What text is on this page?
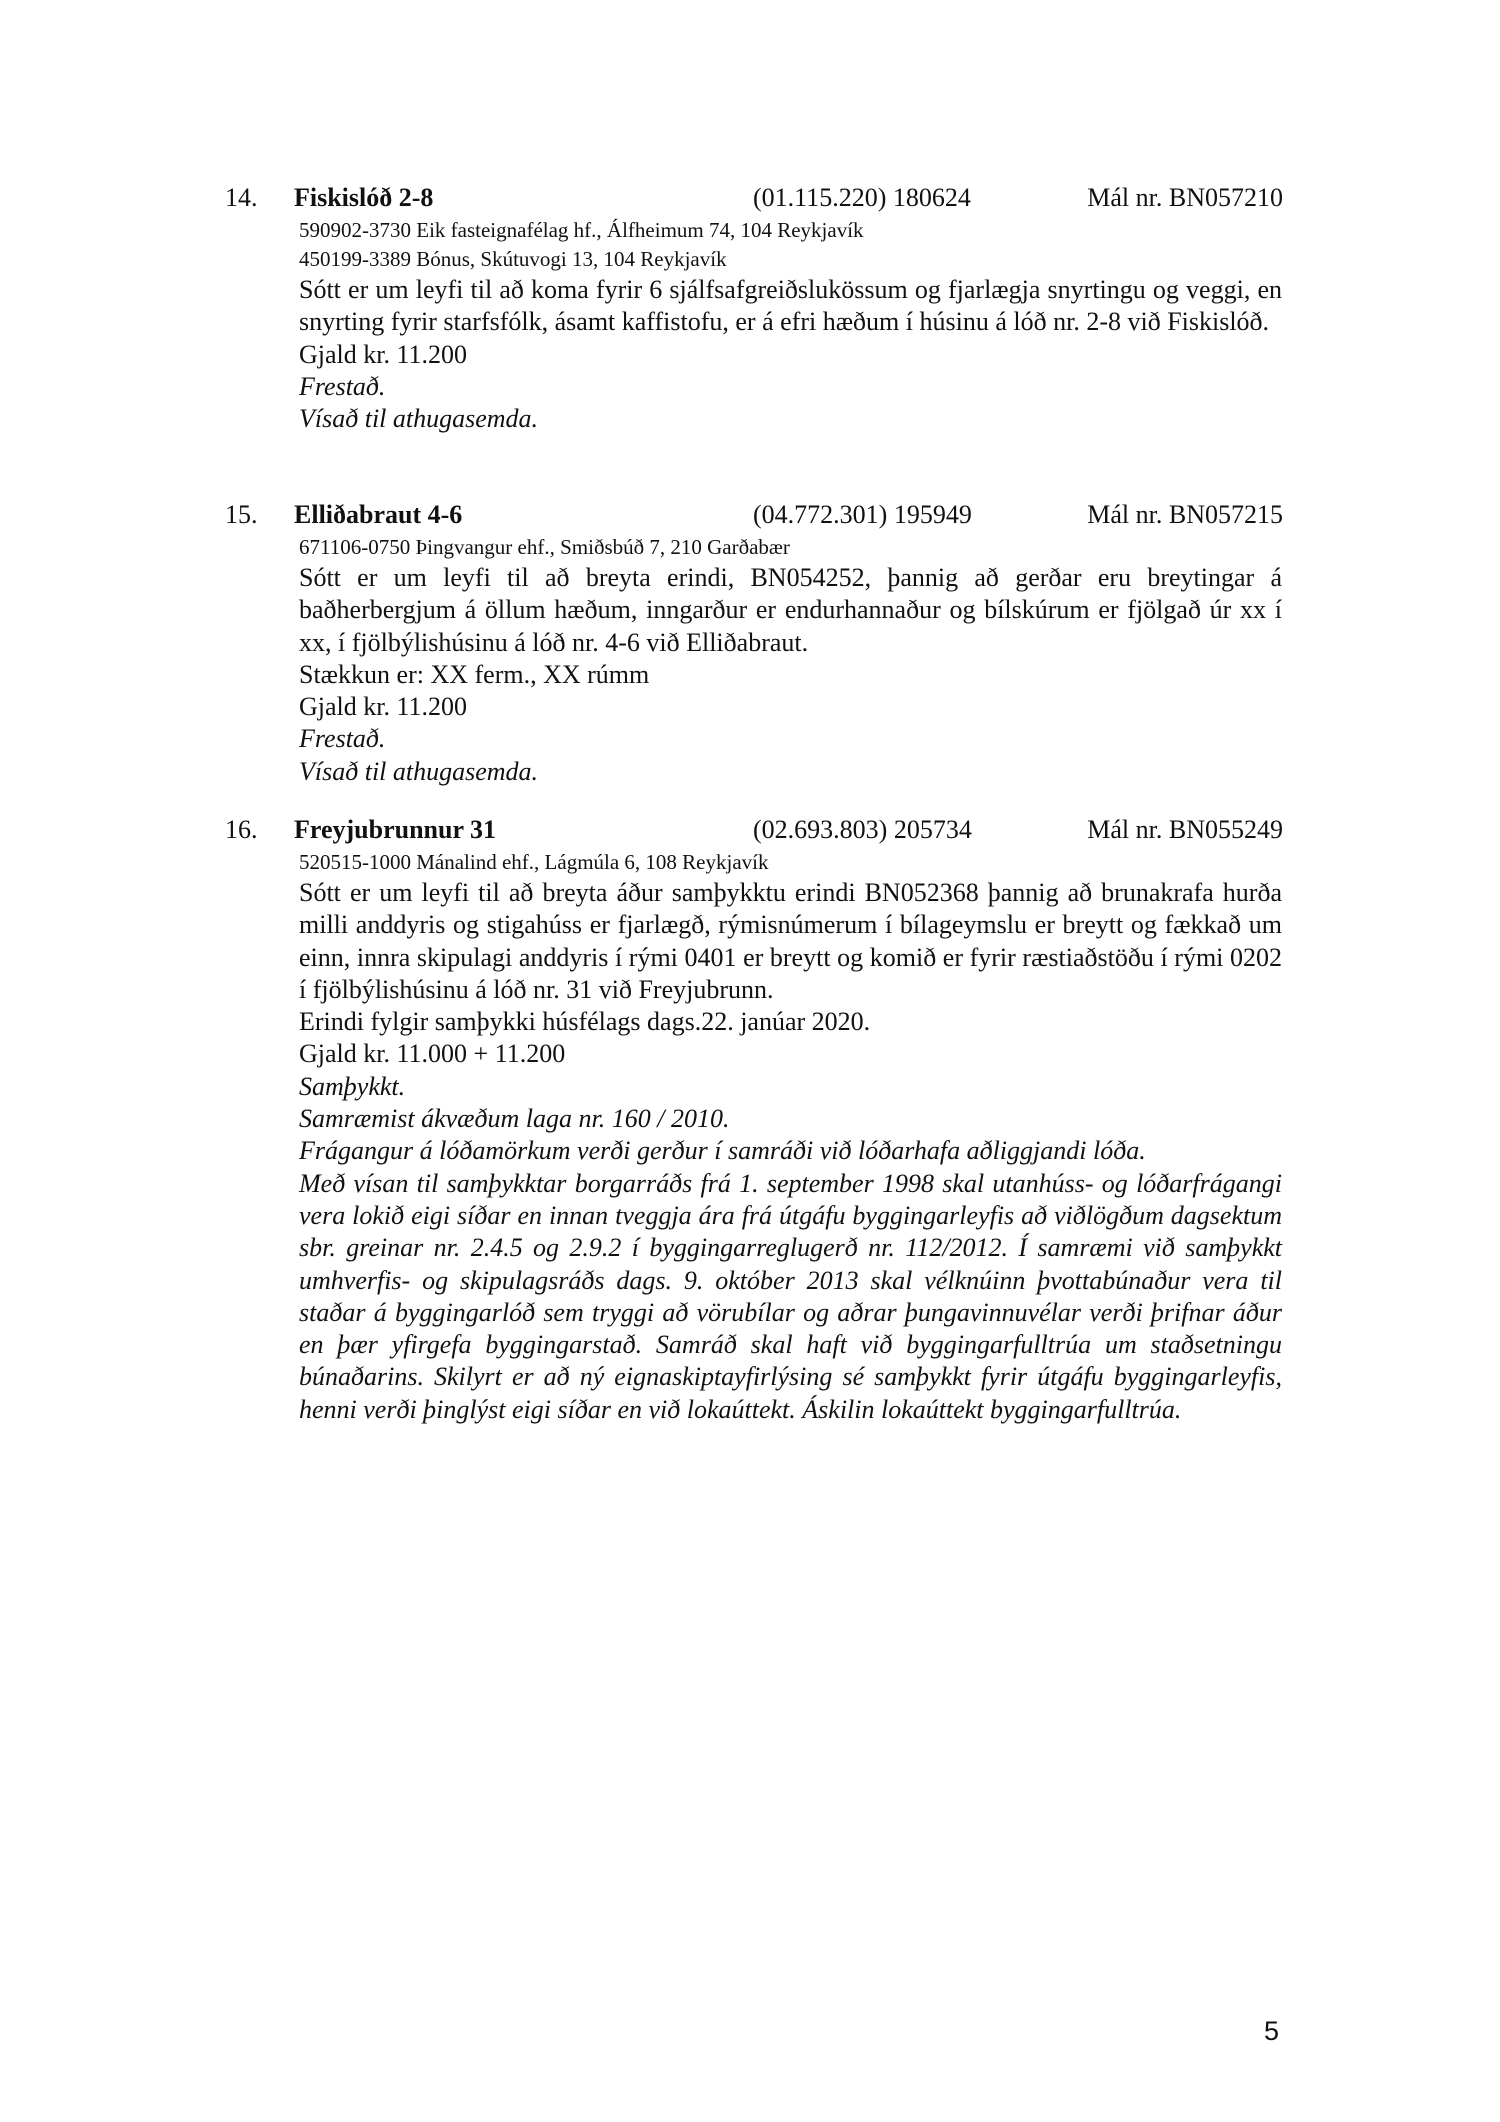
14. Fiskislóð 2-8	(01.115.220) 180624	Mál nr. BN057210
590902-3730 Eik fasteignafélag hf., Álfheimum 74, 104 Reykjavík
450199-3389 Bónus, Skútuvogi 13, 104 Reykjavík

Sótt er um leyfi til að koma fyrir 6 sjálfsafgreiðslukössum og fjarlægja snyrtingu og veggi, en snyrting fyrir starfsfólk, ásamt kaffistofu, er á efri hæðum í húsinu á lóð nr. 2-8 við Fiskislóð.

Gjald kr. 11.200
Frestað.
Vísað til athugasemda.
15. Elliðabraut 4-6	(04.772.301) 195949	Mál nr. BN057215
671106-0750 Þingvangur ehf., Smiðsbúð 7, 210 Garðabær

Sótt er um leyfi til að breyta erindi, BN054252, þannig að gerðar eru breytingar á baðherbergjum á öllum hæðum, inngarður er endurhannaður og bílskúrum er fjölgað úr xx í xx, í fjölbýlishúsinu á lóð nr. 4-6 við Elliðabraut.

Stækkun er: XX ferm., XX rúmm
Gjald kr. 11.200
Frestað.
Vísað til athugasemda.
16. Freyjubrunnur 31	(02.693.803) 205734	Mál nr. BN055249
520515-1000 Mánalind ehf., Lágmúla 6, 108 Reykjavík

Sótt er um leyfi til að breyta áður samþykktu erindi BN052368 þannig að brunakrafa hurða milli anddyris og stigahúss er fjarlægð, rýmisnúmerum í bílageymslu er breytt og fækkað um einn, innra skipulagi anddyris í rými 0401 er breytt og komið er fyrir ræstiaðstöðu í rými 0202 í fjölbýlishúsinu á lóð nr. 31 við Freyjubrunn.

Erindi fylgir samþykki húsfélags dags.22. janúar 2020.
Gjald kr. 11.000 + 11.200
Samþykkt.
Samræmist ákvæðum laga nr. 160 / 2010.
Frágangur á lóðamörkum verði gerður í samráði við lóðarhafa aðliggjandi lóða.

Með vísan til samþykktar borgarráðs frá 1. september 1998 skal utanhúss- og lóðarfrágangi vera lokið eigi síðar en innan tveggja ára frá útgáfu byggingarleyfis að viðlögðum dagsektum sbr. greinar nr. 2.4.5 og 2.9.2 í byggingarreglugerð nr. 112/2012. Í samræmi við samþykkt umhverfis- og skipulagsráðs dags. 9. október 2013 skal vélknúinn þvottabúnaður vera til staðar á byggingarlóð sem tryggi að vörubílar og aðrar þungavinnuvélar verði þrifnar áður en þær yfirgefa byggingarstað. Samráð skal haft við byggingarfulltrúa um staðsetningu búnaðarins. Skilyrt er að ný eignaskiptayfirlýsing sé samþykkt fyrir útgáfu byggingarleyfis, henni verði þinglýst eigi síðar en við lokaúttekt. Áskilin lokaúttekt byggingarfulltrúa.

5
